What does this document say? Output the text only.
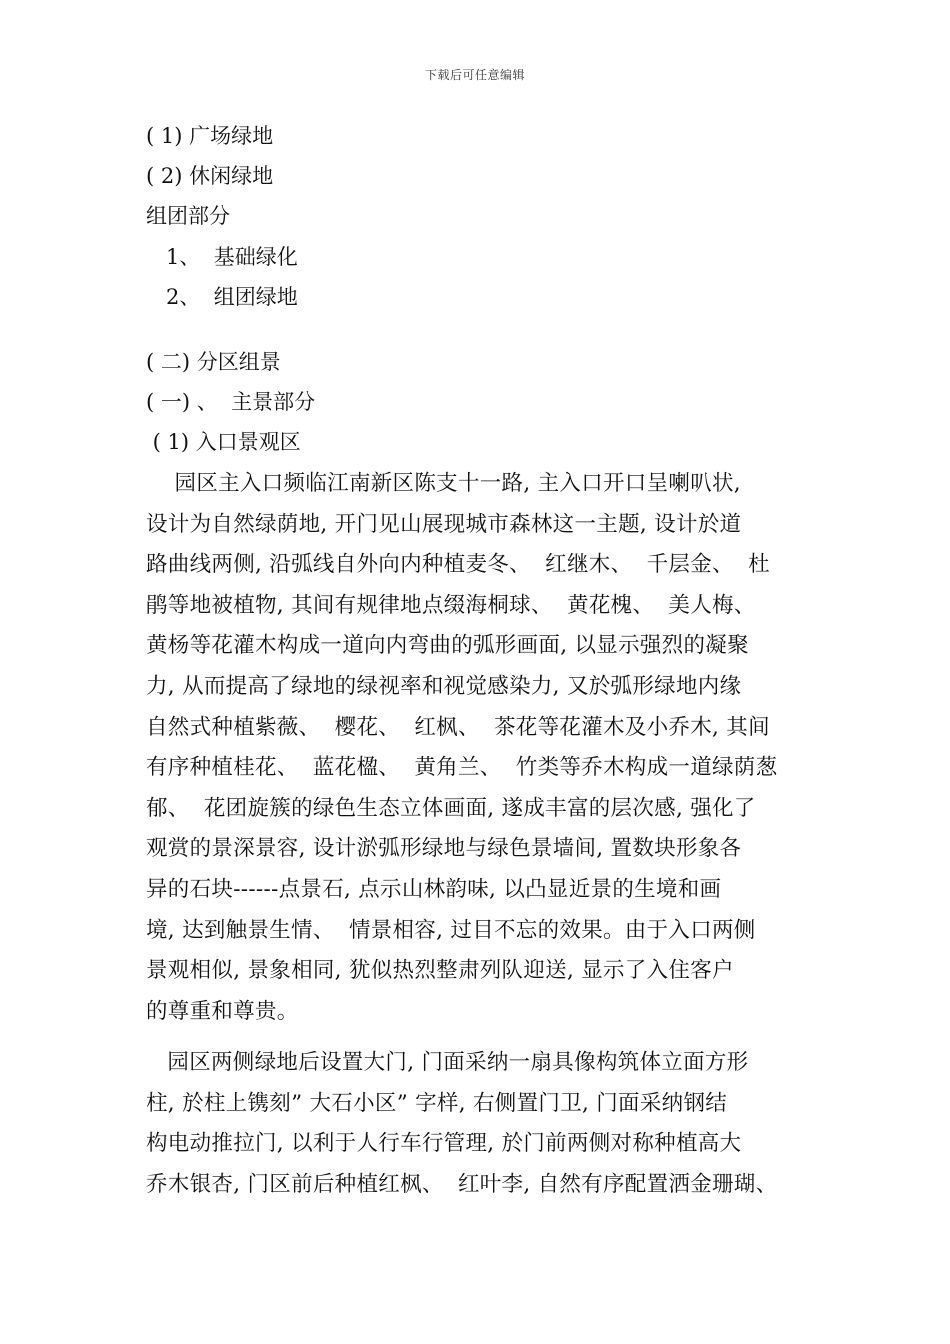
下载后可任意编辑
( 1) 广场绿地
( 2) 休闲绿地
组团部分
1、  基础绿化
2、  组团绿地
( 二) 分区组景
( 一) 、  主景部分
( 1) 入口景观区
园区主入口频临江南新区陈支十一路, 主入口开口呈喇叭状,
设计为自然绿荫地, 开门见山展现城市森林这一主题, 设计於道
路曲线两侧, 沿弧线自外向内种植麦冬、  红继木、  千层金、  杜
鹃等地被植物, 其间有规律地点缀海桐球、  黄花槐、  美人梅、
黄杨等花灌木构成一道向内弯曲的弧形画面, 以显示强烈的凝聚
力, 从而提高了绿地的绿视率和视觉感染力, 又於弧形绿地内缘
自然式种植紫薇、  樱花、  红枫、  茶花等花灌木及小乔木, 其间
有序种植桂花、  蓝花楹、  黄角兰、  竹类等乔木构成一道绿荫葱
郁、  花团旋簇的绿色生态立体画面, 遂成丰富的层次感, 强化了
观赏的景深景容, 设计淤弧形绿地与绿色景墙间, 置数块形象各
异的石块------点景石, 点示山林韵味, 以凸显近景的生境和画
境, 达到触景生情、  情景相容, 过目不忘的效果。由于入口两侧
景观相似, 景象相同, 犹似热烈整肃列队迎送, 显示了入住客户
的尊重和尊贵。
园区两侧绿地后设置大门, 门面采纳一扇具像构筑体立面方形
柱, 於柱上镌刻” 大石小区” 字样, 右侧置门卫, 门面采纳钢结
构电动推拉门, 以利于人行车行管理, 於门前两侧对称种植高大
乔木银杏, 门区前后种植红枫、  红叶李, 自然有序配置洒金珊瑚、
